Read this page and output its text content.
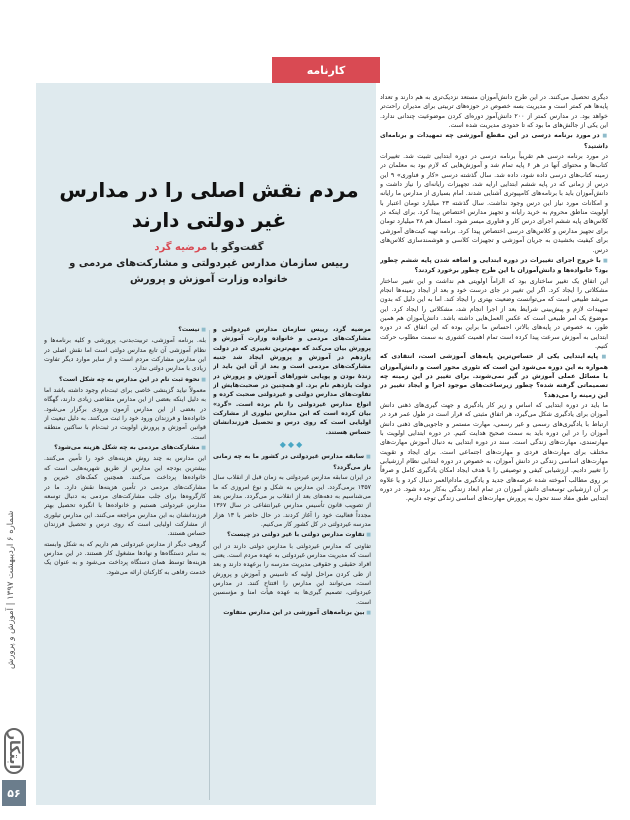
شماره ۶ اردیبهشت ۱۳۹۷ | آموزش و پرورش
ابتکار
۵۶
کارنامه

دیگری تحصیل می‌کنند. در این طرح دانش‌آموزان مستعد نزدیک‌تری به هم دارند و تعداد پایه‌ها هم کمتر است و مدیریت بسه خصوص در حوزه‌های تربیتی برای مدیران راحت‌تر خواهد بود. در مدارس کمتر از ۲۰۰ دانش‌آموز دوره‌ای کردن موضوعیت چندانی ندارد. این یکی از جالش‌های ما بود که تا حدودی مدیریت شده است.

■ در مورد برنامه درسی در این مقطع آموزشی چه تمهیدات و برنامه‌ای داشتید؟

در مورد برنامه درسی هم تقریباً برنامه درسی در دوره ابتدایی تثبیت شد. تغییرات کتاب‌ها و محتوای آنها در هر ۶ پایه تمام شد و آموزش‌هایی که لازم بود به معلمان در زمینه کتاب‌های درسی داده شود، داده شد. سال گذشته درسی «کار و فناوری» ۹ این درس از زمانی که در پایه ششم ابتدایی ارایه شد، تجهیزات رایانه‌ای را نیاز داشت و دانش‌آموزان باید با برنامه‌های کامپیوتری آشنایی شدند. امام بسیاری از مدارس ما رایانه و امکانات مورد نیاز این درس وجود نداشت. سال گذشته ۲۳ میلیارد تومان اعتبار با اولویت مناطق محروم به خرید رایانه و تجهیز مدارس اختصاص پیدا کرد. برای اینکه در کلاس‌های پایه ششم اجرای درس کار و فناوری میسر شود. امسال هم ۲۸ میلیارد تومان برای تجهیز مدارس و کلاس‌های درسی اختصاص پیدا کرد. برنامه تهیه کیت‌های آموزشی برای کیفیت بخشیدن به جریان آموزشی و تجهیزات کلاسی و هوشمندسازی کلاس‌های درس.

■ با خروج اجرای تغییرات در دوره ابتدایی و اضافه شدن پایه ششم چطور بود؟ خانواده‌ها و دانش‌آموزان با این طرح چطور برخورد کردند؟

این اتفاق یک تغییر ساختاری بود که الزاماً اولویتی هم نداشت و این تغییر ساختار مشکلاتی را ایجاد کرد. اگر این تغییر در جای درست خود و بعد از ایجاد زمینه‌ها انجام می‌شد طبیعی است که می‌توانست وضعیت بهتری را ایجاد کند. اما به این دلیل که بدون تمهیدات لازم و پیش‌بینی شرایط بعد از اجرا انجام شد، مشکلاتی را ایجاد کرد. این موضوع یک امر طبیعی است که عکس العمل‌هایی داشته باشد. دانش‌آموزان هم همین طور، به خصوص در پایه‌های بالاتر، احساس ما براین بوده که این اتفاق که در دوره ابتدایی به آموزش سرعت پیدا کرده است تمام اهمیت کشوری به سمت مطلوب حرکت کنیم.

■ پایه ابتدایی یکی از حساس‌ترین پایه‌های آموزشی است، انتقادی که همواره به این دوره می‌شود این است که تئوری محور است و دانش‌آموزان با مسائل عملی آموزش در گیر نمی‌شوند. برای تغییر در این زمینه چه تصمیماتی گرفته شده؟ چطور زیرساخت‌های موجود اجرا و ایجاد تغییر در این زمینه را می‌دهد؟

ما باید در دوره ابتدایی که اساس و زیر کار یادگیری و جهت گیری‌های ذهنی دانش آموزان برای یادگیری شکل می‌گیرد، هر اتفاق مثبتی که قرار است در طول عمر فرد در ارتباط با یادگیری‌های رسمی و غیر رسمی، مهارت مستمر و جاجویی‌های ذهنی دانش آموزان را در این دوره باید به سمت صحیح هدایت کنیم. در دوره ابتدایی اولویت با مهارتمندی، مهارت‌های زندگی است. سند در دوره ابتدایی به دنبال آموزش مهارت‌های مختلف برای مهارت‌های فردی و مهارت‌های اجتماعی است. برای ایجاد و تقویت مهارت‌های اساسی زندگی در دانش آموزان، به خصوص در دوره ابتدایی نظام ارزشیابی را تغییر دادیم. ارزشیابی کیفی و توصیفی را با هدف ایجاد امکان یادگیری کامل و صرفاً بر روی مطالب آموخته شده عرصه‌های جدید و یادگیری مادام‌العمر دنبال کرد و یا علاوه بر آن ارزشیابی توسعه‌ای دانش آموزان در تمام ابعاد زندگی به‌کار برده شود. در دوره ابتدایی طبق مفاد سند تحول به پرورش مهارت‌های اساسی زندگی توجه داریم.

مردم نقش اصلی را در مدارس غیر دولتی دارند
گفت‌وگو با مرضیه گرد
رییس سازمان مدارس غیردولتی و مشارکت‌های مردمی و خانواده وزارت آموزش و پرورش

مرضیه گرد، رییس سازمان مدارس غیردولتی و مشارکت‌های مردمی و خانواده وزارت آموزش و پرورش بیان می‌کند که مهم‌ترین تغییری که در دولت یازدهم در آموزش و پرورش ایجاد شد جنبه مشارکت‌های مردمی است و بعد از آن این باید از زندهٔ بودن و پویایی شوراهای آموزش و پرورش در دولت یازدهم نام برد. او همچنین در صحبت‌هایش از تفاوت‌های مدارس دولتی و غیردولتی صحبت کرده و انواع مدارس غیردولتی را نام برده است. «گرد» بیان کرده است که این مدارس تیلوری از مشارکت اولیایی است که روی درس و تحصیل فرزندانشان حساس هستند.

◆◆◆

■ سابقه مدارس غیردولتی در کشور ما به چه زمانی باز می‌گردد؟

در ایران سابقه مدارس غیردولتی به زمان قبل از انقلاب سال ۱۳۵۷ برمی‌گردد. این مدارس به شکل و نوع امروزی که ما می‌شناسیم به دهه‌های بعد از انقلاب بر می‌گردد. مدارس بعد از تصویب قانون تأسیس مدارس غیرانتفاعی در سال ۱۳۶۷ مجدداً فعالیت خود را آغاز کردند. در حال حاضر با ۱۳ هزار مدرسه غیردولتی در کل کشور کار می‌کنیم.

■ تفاوت مدارس دولتی با غیر دولتی در چیست؟

تفاوتی که مدارس غیردولتی با مدارس دولتی دارند در این است که مدیریت مدارس غیردولتی به عهده مردم است. یعنی افراد حقیقی و حقوقی مدیریت مدرسه را برعهده دارند و بعد از طی کردن مراحل اولیه که تاسیس و آموزش و پرورش است، می‌توانند این مدارس را افتتاح کنند. در مدارس غیردولتی، تصمیم گیری‌ها به عهده هیأت امنا و مؤسسین است.

■ بین برنامه‌های آموزشی در این مدارس متفاوت

■ نیست؟

بله. برنامه آموزشی، تربیت‌بدنی، پرورشی و کلیه برنامه‌ها و نظام آموزشی آن تابع مدارس دولتی است اما نقش اصلی در این مدارس مشارکت مردم است و از سایر موارد دیگر تفاوت زیادی با مدارس دولتی ندارد.

■ نحوه ثبت نام در این مدارس به چه شکل است؟

معمولاً نیاید گزینشی خاصی برای ثبت‌نام وجود داشته باشد اما به دلیل اینکه بعضی از این مدارس متقاضی زیادی دارند، گهگاه در بعضی از این مدارس آزمون ورودی برگزار می‌شود. خانواده‌ها و فرزندان ورود خود را ثبت می‌کنند. به دلیل تبعیت از قوانین آموزش و پرورش اولویت در ثبت‌نام با ساکنین منطقه است.

■ مشارکت‌های مردمی به چه شکل هزینه می‌شود؟

این مدارس به چند روش هزینه‌های خود را تأمین می‌کنند. بیشترین بودجه این مدارس از طریق شهریه‌هایی است که خانواده‌ها پرداخت می‌کنند. همچنین کمک‌های خیرین و مشارکت‌های مردمی در تأمین هزینه‌ها نقش دارد. ما در کارگروه‌ها برای جلب مشارکت‌های مردمی به دنبال توسعه مدارس غیردولتی هستیم و خانواده‌ها با انگیزه تحصیل بهتر فرزندانشان به این مدارس مراجعه می‌کنند. این مدارس تیلوری از مشارکت اولیایی است که روی درس و تحصیل فرزندان حساس هستند.

گروهی دیگر از مدارس غیردولتی هم داریم که به شکل وابسته به سایر دستگاه‌ها و نهادها مشغول کار هستند. در این مدارس هزینه‌ها توسط همان دستگاه پرداخت می‌شود و به عنوان یک خدمت رفاهی به کارکنان ارائه می‌شود.
